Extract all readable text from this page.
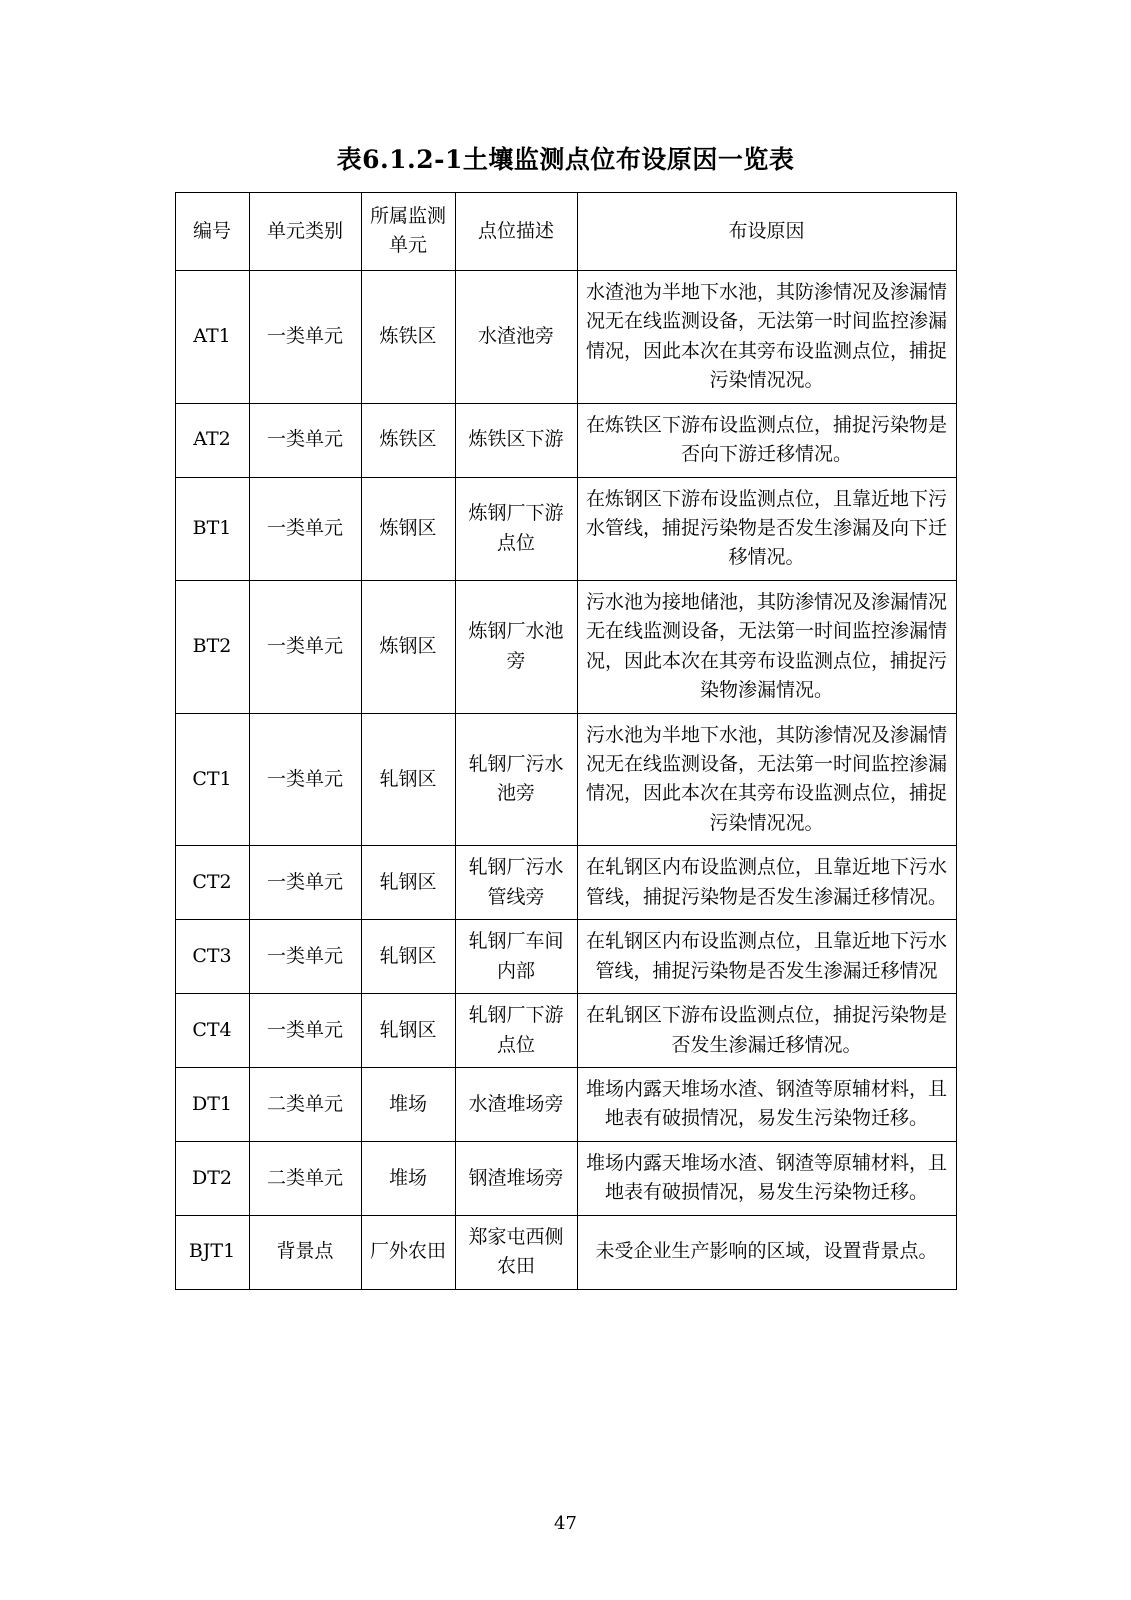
表6.1.2-1土壤监测点位布设原因一览表
编号	单元类别	所属监测单元	点位描述	布设原因
AT1	一类单元	炼铁区	水渣池旁	水渣池为半地下水池，其防渗情况及渗漏情况无在线监测设备，无法第一时间监控渗漏情况，因此本次在其旁布设监测点位，捕捉污染情况况。
AT2	一类单元	炼铁区	炼铁区下游	在炼铁区下游布设监测点位，捕捉污染物是否向下游迁移情况。
BT1	一类单元	炼钢区	炼钢厂下游点位	在炼钢区下游布设监测点位，且靠近地下污水管线，捕捉污染物是否发生渗漏及向下迁移情况。
BT2	一类单元	炼钢区	炼钢厂水池旁	污水池为接地储池，其防渗情况及渗漏情况无在线监测设备，无法第一时间监控渗漏情况，因此本次在其旁布设监测点位，捕捉污染物渗漏情况。
CT1	一类单元	轧钢区	轧钢厂污水池旁	污水池为半地下水池，其防渗情况及渗漏情况无在线监测设备，无法第一时间监控渗漏情况，因此本次在其旁布设监测点位，捕捉污染情况况。
CT2	一类单元	轧钢区	轧钢厂污水管线旁	在轧钢区内布设监测点位，且靠近地下污水管线，捕捉污染物是否发生渗漏迁移情况。
CT3	一类单元	轧钢区	轧钢厂车间内部	在轧钢区内布设监测点位，且靠近地下污水管线，捕捉污染物是否发生渗漏迁移情况
CT4	一类单元	轧钢区	轧钢厂下游点位	在轧钢区下游布设监测点位，捕捉污染物是否发生渗漏迁移情况。
DT1	二类单元	堆场	水渣堆场旁	堆场内露天堆场水渣、钢渣等原辅材料，且地表有破损情况，易发生污染物迁移。
DT2	二类单元	堆场	钢渣堆场旁	堆场内露天堆场水渣、钢渣等原辅材料，且地表有破损情况，易发生污染物迁移。
BJT1	背景点	厂外农田	郑家屯西侧农田	未受企业生产影响的区域，设置背景点。
47
